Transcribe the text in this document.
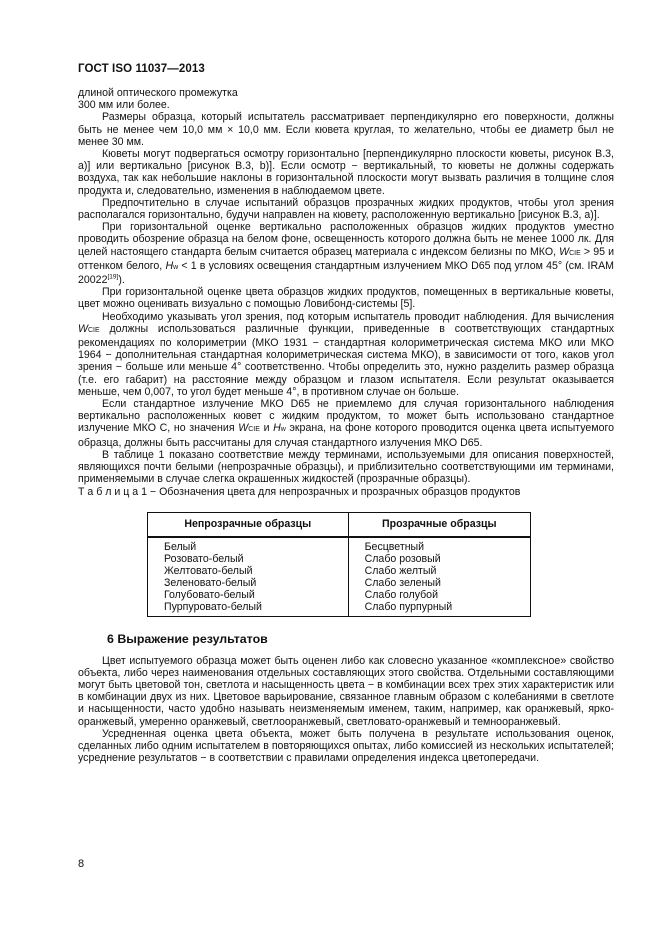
ГОСТ ISO 11037—2013

длиной оптического промежутка

300 мм или более.

Размеры образца, который испытатель рассматривает перпендикулярно его поверхности, должны быть не менее чем 10,0 мм × 10,0 мм. Если кювета круглая, то желательно, чтобы ее диаметр был не менее 30 мм.

Кюветы могут подвергаться осмотру горизонтально [перпендикулярно плоскости кюветы, рисунок B.3, a)] или вертикально [рисунок B.3, b)]. Если осмотр − вертикальный, то кюветы не должны содержать воздуха, так как небольшие наклоны в горизонтальной плоскости могут вызвать различия в толщине слоя продукта и, следовательно, изменения в наблюдаемом цвете.

Предпочтительно в случае испытаний образцов прозрачных жидких продуктов, чтобы угол зрения располагался горизонтально, будучи направлен на кювету, расположенную вертикально [рисунок B.3, a)].

При горизонтальной оценке вертикально расположенных образцов жидких продуктов уместно проводить обозрение образца на белом фоне, освещенность которого должна быть не менее 1000 лк. Для целей настоящего стандарта белым считается образец материала с индексом белизны по МКО, WCIE > 95 и оттенком белого, Hw < 1 в условиях освещения стандартным излучением МКО D65 под углом 45° (см. IRAM 20022[19]).

При горизонтальной оценке цвета образцов жидких продуктов, помещенных в вертикальные кюветы, цвет можно оценивать визуально с помощью Ловибонд-системы [5].

Необходимо указывать угол зрения, под которым испытатель проводит наблюдения. Для вычисления WCIE должны использоваться различные функции, приведенные в соответствующих стандартных рекомендациях по колориметрии (МКО 1931 − стандартная колориметрическая система МКО или МКО 1964 − дополнительная стандартная колориметрическая система МКО), в зависимости от того, каков угол зрения − больше или меньше 4° соответственно. Чтобы определить это, нужно разделить размер образца (т.е. его габарит) на расстояние между образцом и глазом испытателя. Если результат оказывается меньше, чем 0,007, то угол будет меньше 4°, в противном случае он больше.

Если стандартное излучение МКО D65 не приемлемо для случая горизонтального наблюдения вертикально расположенных кювет с жидким продуктом, то может быть использовано стандартное излучение МКО C, но значения WCIE и Hw экрана, на фоне которого проводится оценка цвета испытуемого образца, должны быть рассчитаны для случая стандартного излучения МКО D65.

В таблице 1 показано соответствие между терминами, используемыми для описания поверхностей, являющихся почти белыми (непрозрачные образцы), и приблизительно соответствующими им терминами, применяемыми в случае слегка окрашенных жидкостей (прозрачные образцы).

Т а б л и ц а 1 − Обозначения цвета для непрозрачных и прозрачных образцов продуктов

Непрозрачные образцы	Прозрачные образцы
Белый	Бесцветный
Розовато-белый	Слабо розовый
Желтовато-белый	Слабо желтый
Зеленовато-белый	Слабо зеленый
Голубовато-белый	Слабо голубой
Пурпуровато-белый	Слабо пурпурный
6 Выражение результатов

Цвет испытуемого образца может быть оценен либо как словесно указанное «комплексное» свойство объекта, либо через наименования отдельных составляющих этого свойства. Отдельными составляющими могут быть цветовой тон, светлота и насыщенность цвета − в комбинации всех трех этих характеристик или в комбинации двух из них. Цветовое варьирование, связанное главным образом с колебаниями в светлоте и насыщенности, часто удобно называть неизменяемым именем, таким, например, как оранжевый, ярко-оранжевый, умеренно оранжевый, светлооранжевый, светловато-оранжевый и темнооранжевый.

Усредненная оценка цвета объекта, может быть получена в результате использования оценок, сделанных либо одним испытателем в повторяющихся опытах, либо комиссией из нескольких испытателей; усреднение результатов − в соответствии с правилами определения индекса цветопередачи.

8
